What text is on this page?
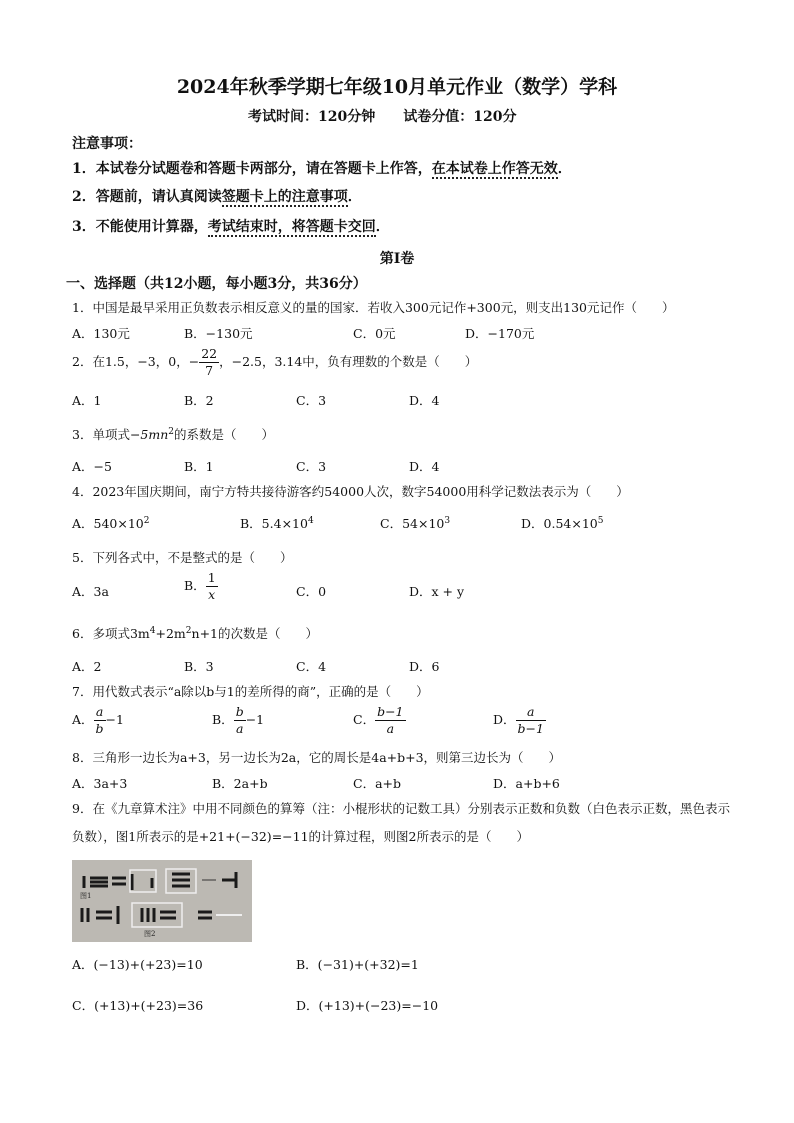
2024年秋季学期七年级10月单元作业（数学）学科
考试时间：120分钟 试卷分值：120分
注意事项：
1．本试卷分试题卷和答题卡两部分，请在答题卡上作答，在本试卷上作答无效．
2．答题前，请认真阅读签题卡上的注意事项．
3．不能使用计算器，考试结束时，将答题卡交回．
第Ⅰ卷
一、选择题（共12小题，每小题3分，共36分）
1．中国是最早采用正负数表示相反意义的量的国家．若收入300元记作+300元，则支出130元记作（　　）
A．130元	B．−130元	C．0元	D．−170元
2．在1.5，−3，0，− $\frac{22}{7}$ ，−2.5，3.14中，负有理数的个数是（　　）
A．1	B．2	C．3	D．4
3．单项式$-5mn^2$的系数是（　　）
A．−5	B．1	C．3	D．4
4．2023年国庆期间，南宁方特共接待游客约54000人次，数字54000用科学记数法表示为（　　）
A．$540\times 10^2$	B．$5.4\times 10^4$	C．$54\times 10^3$	D．$0.54\times 10^5$
5．下列各式中，不是整式的是（　　）
A．3a	B． $\frac{1}{x}$	C．0	D．x + y
6．多项式$3m^4+2m^2n+1$的次数是（　　）
A．2	B．3	C．4	D．6
7．用代数式表示“a除以b与1的差所得的商”，正确的是（　　）
A． $\frac{a}{b} -1$	B． $\frac{b}{a} -1$	C． $\frac{b-1}{a}$	D． $\frac{a}{b-1}$
8．三角形一边长为a+3，另一边长为2a，它的周长是4a+b+3，则第三边长为（　　）
A．3a+3	B．2a+b	C．a+b	D．a+b+6
9．在《九章算术注》中用不同颜色的算筹（注：小棍形状的记数工具）分别表示正数和负数（白色表示正数，黑色表示负数），图1所表示的是+21+(−32)=−11的计算过程，则图2所表示的是（　　）
图1
图2
A．(−13)+(+23)=10	B．(−31)+(+32)=1
C．(+13)+(+23)=36	D．(+13)+(−23)=−10
